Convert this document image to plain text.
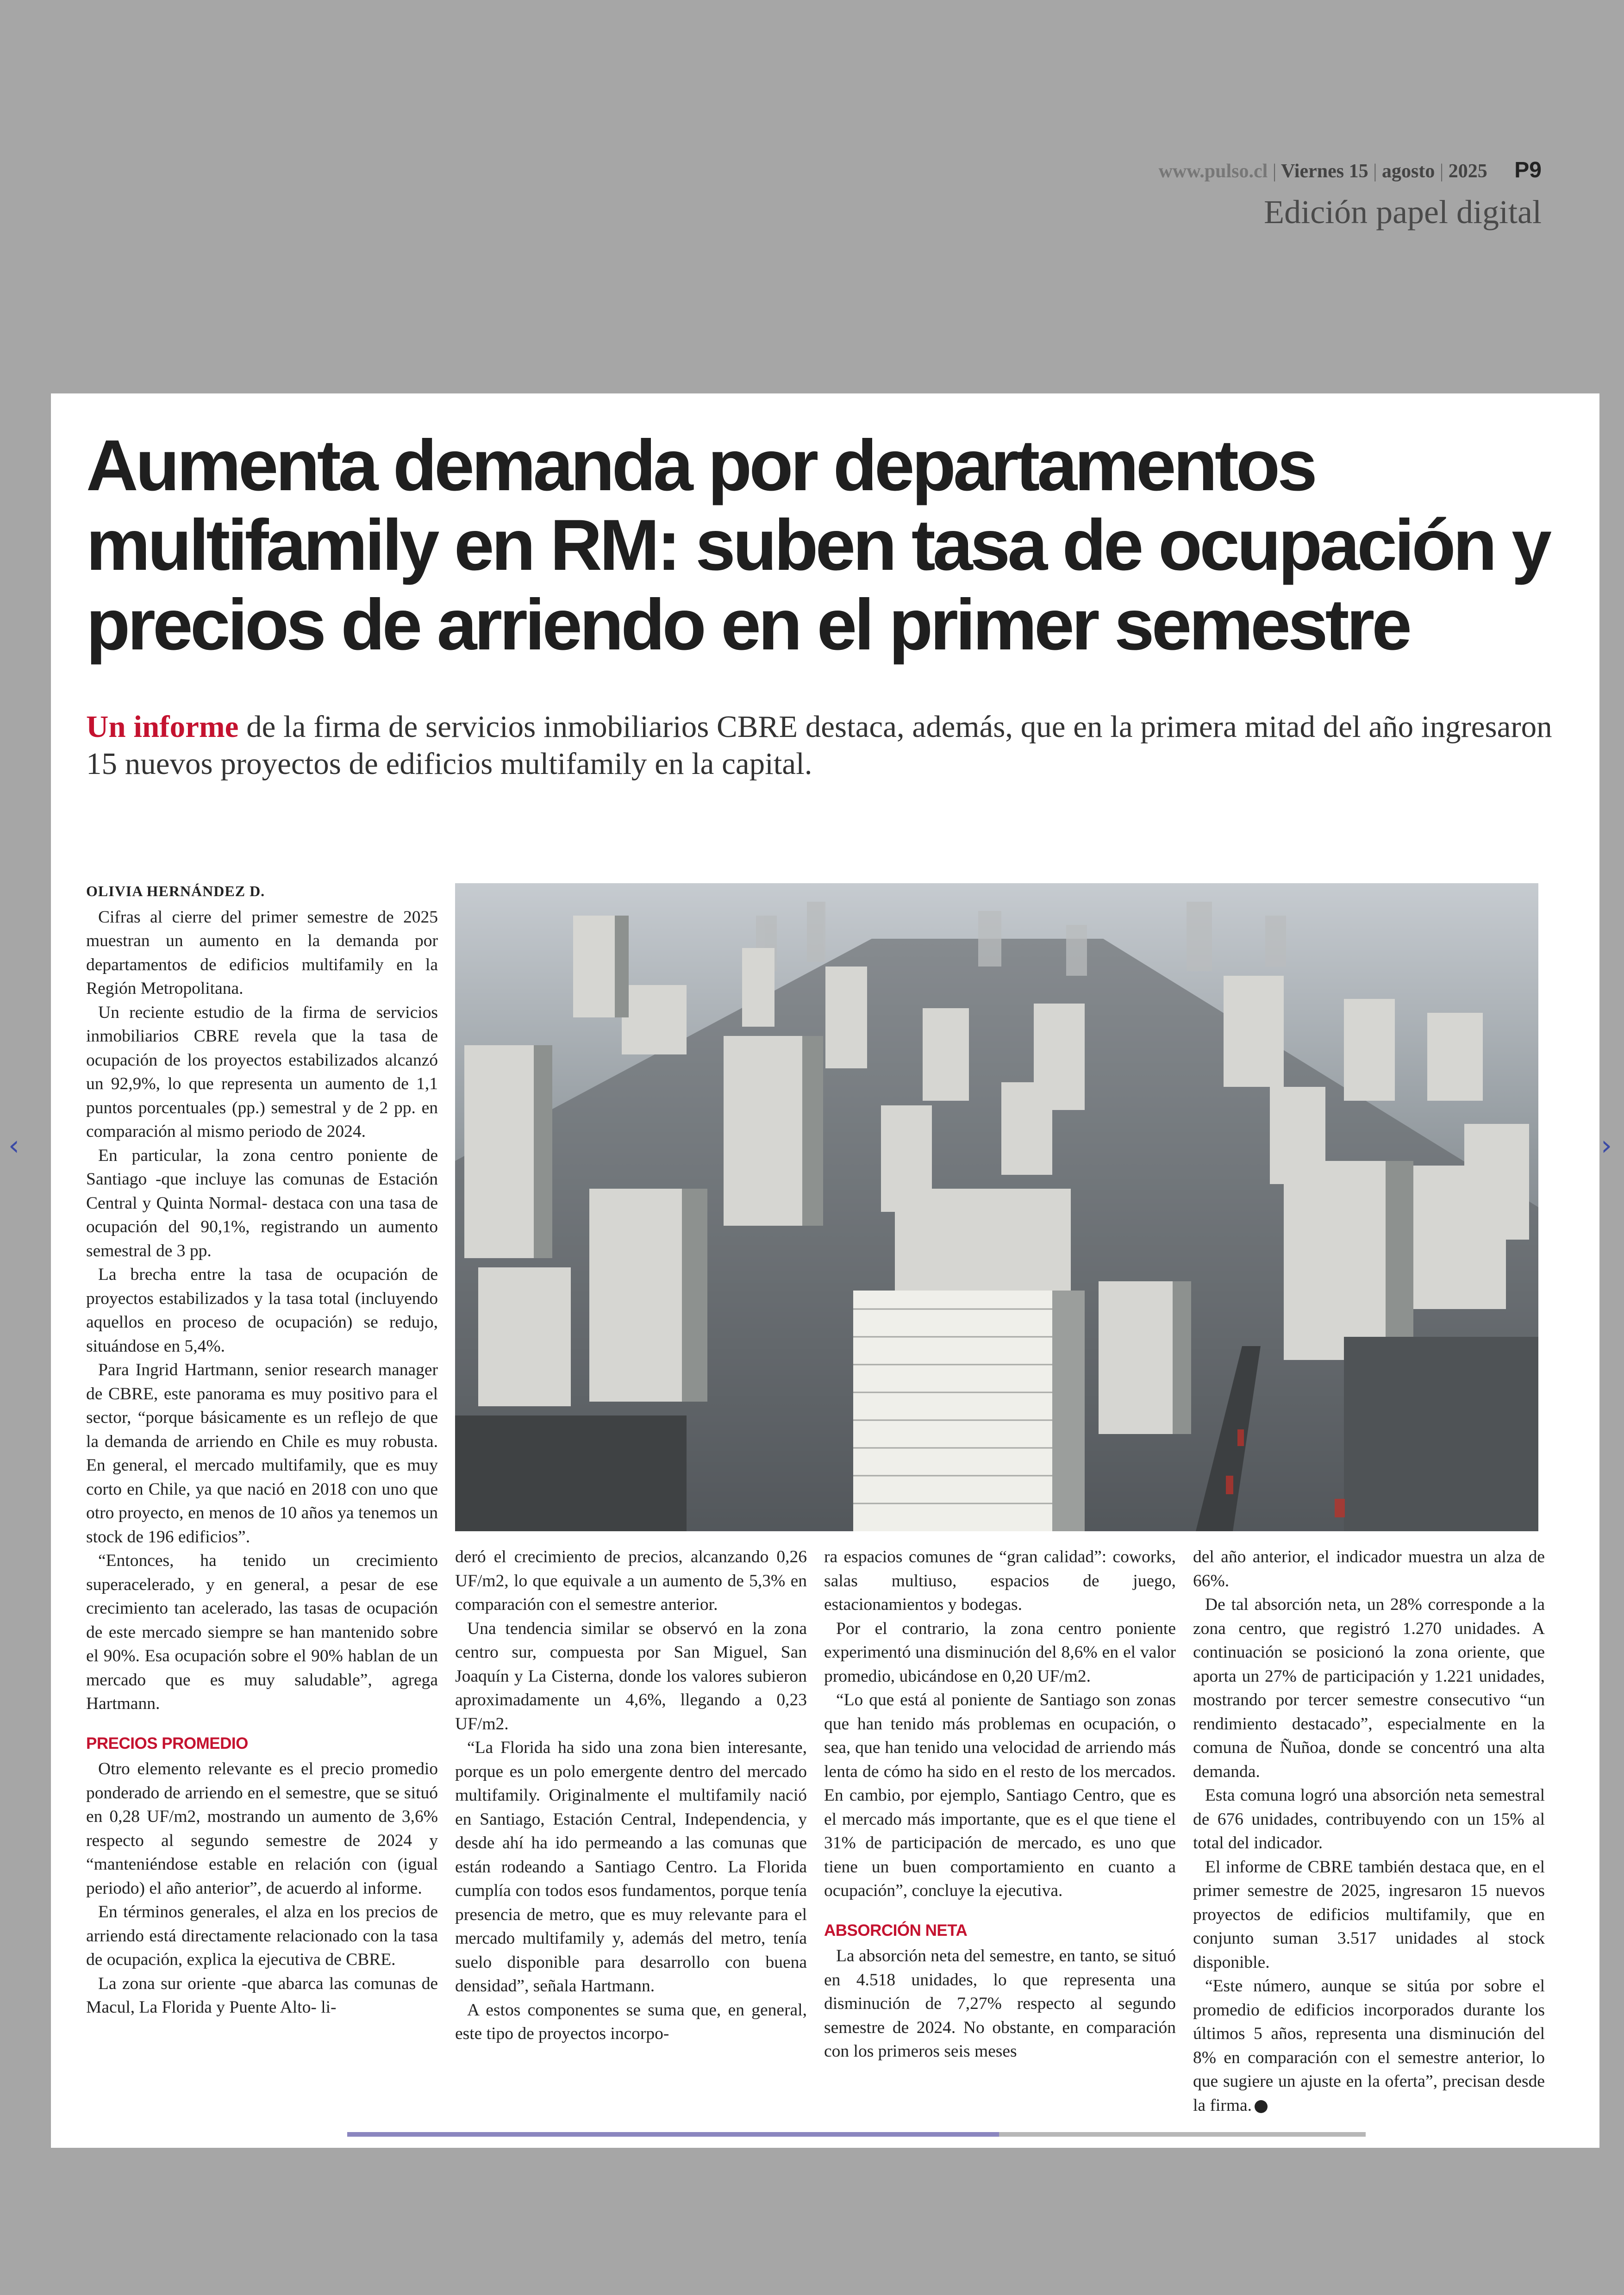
www.pulso.cl | Viernes 15 | agosto | 2025 P9
Edición papel digital
Aumenta demanda por departamentos multifamily en RM: suben tasa de ocupación y precios de arriendo en el primer semestre
Un informe de la firma de servicios inmobiliarios CBRE destaca, además, que en la primera mitad del año ingresaron 15 nuevos proyectos de edificios multifamily en la capital.

OLIVIA HERNÁNDEZ D.

Cifras al cierre del primer semestre de 2025 muestran un aumento en la demanda por departamentos de edificios multifamily en la Región Metropolitana.

Un reciente estudio de la firma de servicios inmobiliarios CBRE revela que la tasa de ocupación de los proyectos estabilizados alcanzó un 92,9%, lo que representa un aumento de 1,1 puntos porcentuales (pp.) semestral y de 2 pp. en comparación al mismo periodo de 2024.

En particular, la zona centro poniente de Santiago -que incluye las comunas de Estación Central y Quinta Normal- destaca con una tasa de ocupación del 90,1%, registrando un aumento semestral de 3 pp.

La brecha entre la tasa de ocupación de proyectos estabilizados y la tasa total (incluyendo aquellos en proceso de ocupación) se redujo, situándose en 5,4%.

Para Ingrid Hartmann, senior research manager de CBRE, este panorama es muy positivo para el sector, “porque básicamente es un reflejo de que la demanda de arriendo en Chile es muy robusta. En general, el mercado multifamily, que es muy corto en Chile, ya que nació en 2018 con uno que otro proyecto, en menos de 10 años ya tenemos un stock de 196 edificios”.

“Entonces, ha tenido un crecimiento superacelerado, y en general, a pesar de ese crecimiento tan acelerado, las tasas de ocupación de este mercado siempre se han mantenido sobre el 90%. Esa ocupación sobre el 90% hablan de un mercado que es muy saludable”, agrega Hartmann.

PRECIOS PROMEDIO

Otro elemento relevante es el precio promedio ponderado de arriendo en el semestre, que se situó en 0,28 UF/m2, mostrando un aumento de 3,6% respecto al segundo semestre de 2024 y “manteniéndose estable en relación con (igual periodo) el año anterior”, de acuerdo al informe.

En términos generales, el alza en los precios de arriendo está directamente relacionado con la tasa de ocupación, explica la ejecutiva de CBRE.

La zona sur oriente -que abarca las comunas de Macul, La Florida y Puente Alto- li-

deró el crecimiento de precios, alcanzando 0,26 UF/m2, lo que equivale a un aumento de 5,3% en comparación con el semestre anterior.

Una tendencia similar se observó en la zona centro sur, compuesta por San Miguel, San Joaquín y La Cisterna, donde los valores subieron aproximadamente un 4,6%, llegando a 0,23 UF/m2.

“La Florida ha sido una zona bien interesante, porque es un polo emergente dentro del mercado multifamily. Originalmente el multifamily nació en Santiago, Estación Central, Independencia, y desde ahí ha ido permeando a las comunas que están rodeando a Santiago Centro. La Florida cumplía con todos esos fundamentos, porque tenía presencia de metro, que es muy relevante para el mercado multifamily y, además del metro, tenía suelo disponible para desarrollo con buena densidad”, señala Hartmann.

A estos componentes se suma que, en general, este tipo de proyectos incorpo-

ra espacios comunes de “gran calidad”: coworks, salas multiuso, espacios de juego, estacionamientos y bodegas.

Por el contrario, la zona centro poniente experimentó una disminución del 8,6% en el valor promedio, ubicándose en 0,20 UF/m2.

“Lo que está al poniente de Santiago son zonas que han tenido más problemas en ocupación, o sea, que han tenido una velocidad de arriendo más lenta de cómo ha sido en el resto de los mercados. En cambio, por ejemplo, Santiago Centro, que es el mercado más importante, que es el que tiene el 31% de participación de mercado, es uno que tiene un buen comportamiento en cuanto a ocupación”, concluye la ejecutiva.

ABSORCIÓN NETA

La absorción neta del semestre, en tanto, se situó en 4.518 unidades, lo que representa una disminución de 7,27% respecto al segundo semestre de 2024. No obstante, en comparación con los primeros seis meses

del año anterior, el indicador muestra un alza de 66%.

De tal absorción neta, un 28% corresponde a la zona centro, que registró 1.270 unidades. A continuación se posicionó la zona oriente, que aporta un 27% de participación y 1.221 unidades, mostrando por tercer semestre consecutivo “un rendimiento destacado”, especialmente en la comuna de Ñuñoa, donde se concentró una alta demanda.

Esta comuna logró una absorción neta semestral de 676 unidades, contribuyendo con un 15% al total del indicador.

El informe de CBRE también destaca que, en el primer semestre de 2025, ingresaron 15 nuevos proyectos de edificios multifamily, que en conjunto suman 3.517 unidades al stock disponible.

“Este número, aunque se sitúa por sobre el promedio de edificios incorporados durante los últimos 5 años, representa una disminución del 8% en comparación con el semestre anterior, lo que sugiere un ajuste en la oferta”, precisan desde la firma.

‹	›
